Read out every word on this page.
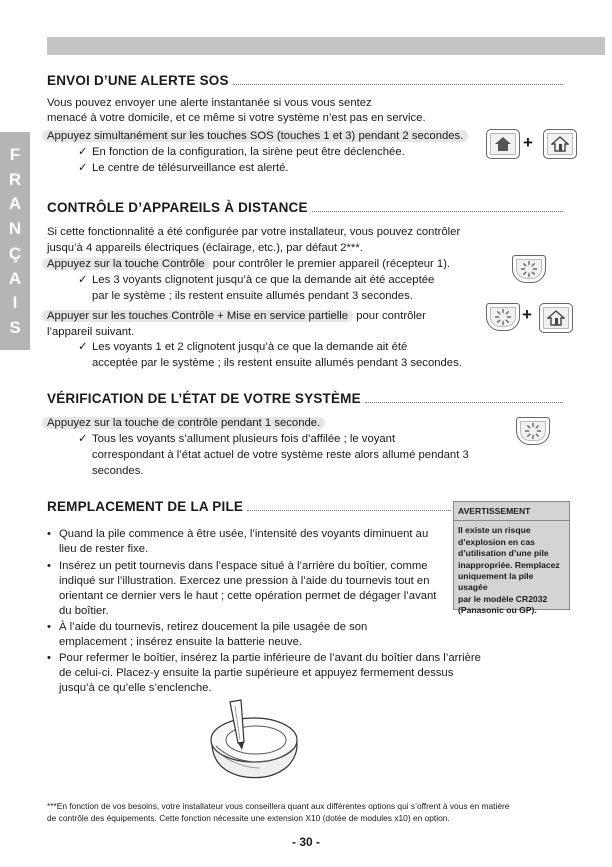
F
R
A
N
Ç
A
I
S
ENVOI D’UNE ALERTE SOS
Vous pouvez envoyer une alerte instantanée si vous vous sentez
menacé à votre domicile, et ce même si votre système n’est pas en service.
Appuyez simultanément sur les touches SOS (touches 1 et 3) pendant 2 secondes.
✓ En fonction de la configuration, la sirène peut être déclenchée.
✓ Le centre de télésurveillance est alerté.
+
CONTRÔLE D’APPAREILS À DISTANCE
Si cette fonctionnalité a été configurée par votre installateur, vous pouvez contrôler
jusqu’à 4 appareils électriques (éclairage, etc.), par défaut 2***.
Appuyez sur la touche Contrôle pour contrôler le premier appareil (récepteur 1).
✓ Les 3 voyants clignotent jusqu’à ce que la demande ait été acceptée
par le système ; ils restent ensuite allumés pendant 3 secondes.
Appuyer sur les touches Contrôle + Mise en service partielle pour contrôler
l’appareil suivant.
✓ Les voyants 1 et 2 clignotent jusqu’à ce que la demande ait été
acceptée par le système ; ils restent ensuite allumés pendant 3 secondes.
+
VÉRIFICATION DE L’ÉTAT DE VOTRE SYSTÈME
Appuyez sur la touche de contrôle pendant 1 seconde.
✓ Tous les voyants s’allument plusieurs fois d’affilée ; le voyant
correspondant à l’état actuel de votre système reste alors allumé pendant 3
secondes.
REMPLACEMENT DE LA PILE	AVERTISSEMENT
Il existe un risque
d’explosion en cas
d’utilisation d’une pile
inappropriée. Remplacez
uniquement la pile usagée
par le modèle CR2032
(Panasonic ou GP).
• Quand la pile commence à être usée, l’intensité des voyants diminuent au
lieu de rester fixe.
• Insérez un petit tournevis dans l’espace situé à l’arrière du boîtier, comme
indiqué sur l’illustration. Exercez une pression à l’aide du tournevis tout en
orientant ce dernier vers le haut ; cette opération permet de dégager l’avant
du boîtier.
• À l’aide du tournevis, retirez doucement la pile usagée de son
emplacement ; insérez ensuite la batterie neuve.
• Pour refermer le boîtier, insérez la partie inférieure de l’avant du boîtier dans l’arrière
de celui-ci. Placez-y ensuite la partie supérieure et appuyez fermement dessus
jusqu’à ce qu’elle s’enclenche.
***En fonction de vos besoins, votre installateur vous conseillera quant aux différentes options qui s’offrent à vous en matière
de contrôle des équipements. Cette fonction nécessite une extension X10 (dotée de modules x10) en option.
- 30 -
